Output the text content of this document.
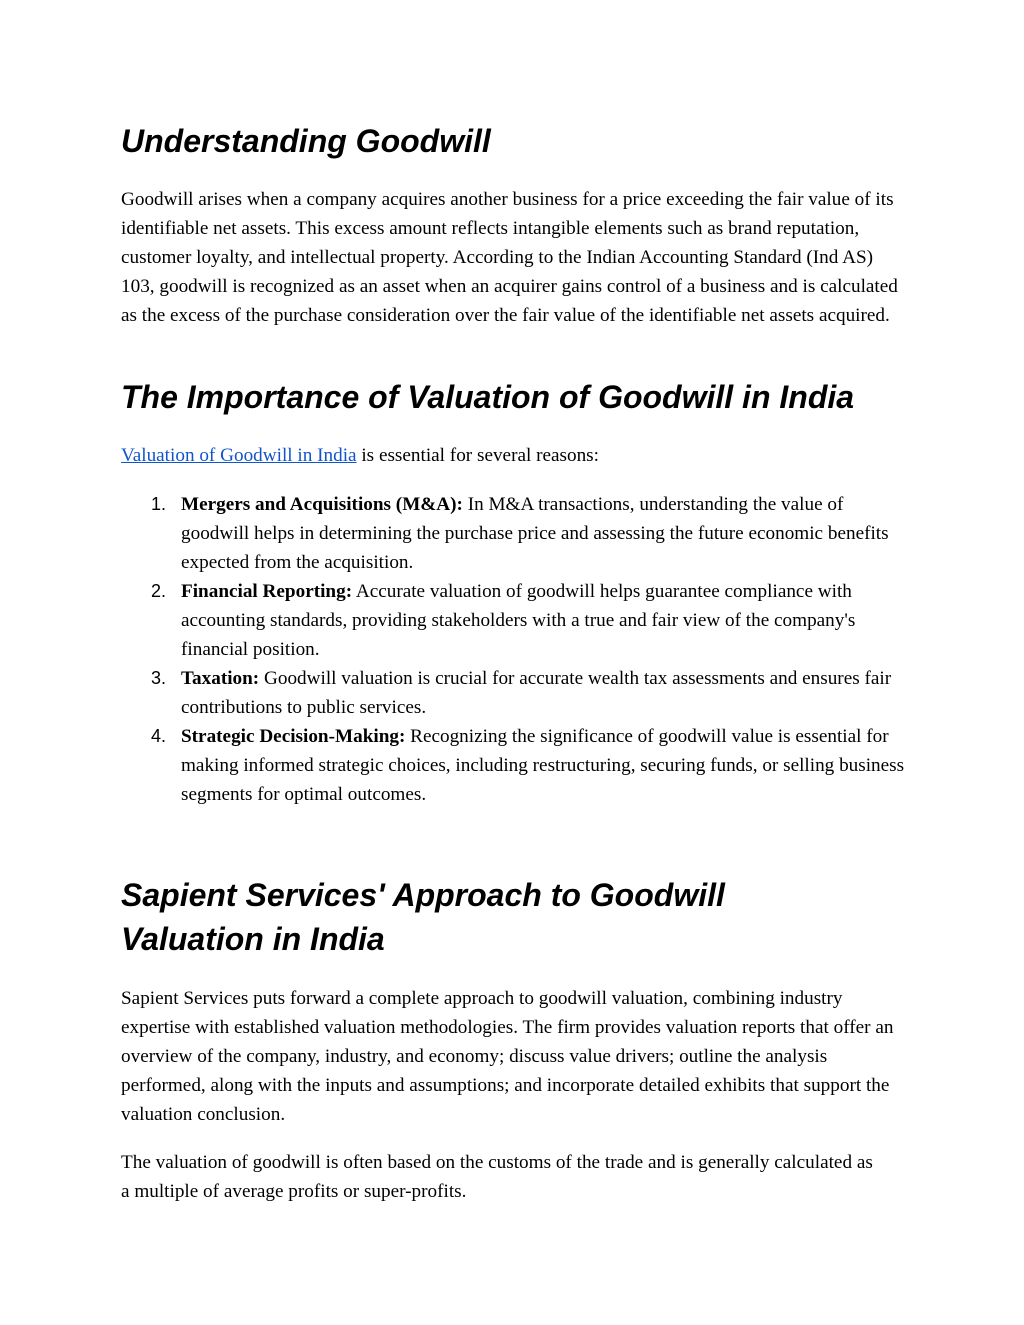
Understanding Goodwill

Goodwill arises when a company acquires another business for a price exceeding the fair value of its identifiable net assets. This excess amount reflects intangible elements such as brand reputation, customer loyalty, and intellectual property. According to the Indian Accounting Standard (Ind AS) 103, goodwill is recognized as an asset when an acquirer gains control of a business and is calculated as the excess of the purchase consideration over the fair value of the identifiable net assets acquired.

The Importance of Valuation of Goodwill in India

Valuation of Goodwill in India is essential for several reasons:

1. Mergers and Acquisitions (M&A): In M&A transactions, understanding the value of goodwill helps in determining the purchase price and assessing the future economic benefits expected from the acquisition.
2. Financial Reporting: Accurate valuation of goodwill helps guarantee compliance with accounting standards, providing stakeholders with a true and fair view of the company's financial position.
3. Taxation: Goodwill valuation is crucial for accurate wealth tax assessments and ensures fair contributions to public services.
4. Strategic Decision-Making: Recognizing the significance of goodwill value is essential for making informed strategic choices, including restructuring, securing funds, or selling business segments for optimal outcomes.
Sapient Services' Approach to Goodwill Valuation in India

Sapient Services puts forward a complete approach to goodwill valuation, combining industry expertise with established valuation methodologies. The firm provides valuation reports that offer an overview of the company, industry, and economy; discuss value drivers; outline the analysis performed, along with the inputs and assumptions; and incorporate detailed exhibits that support the valuation conclusion.

The valuation of goodwill is often based on the customs of the trade and is generally calculated as a multiple of average profits or super-profits.
